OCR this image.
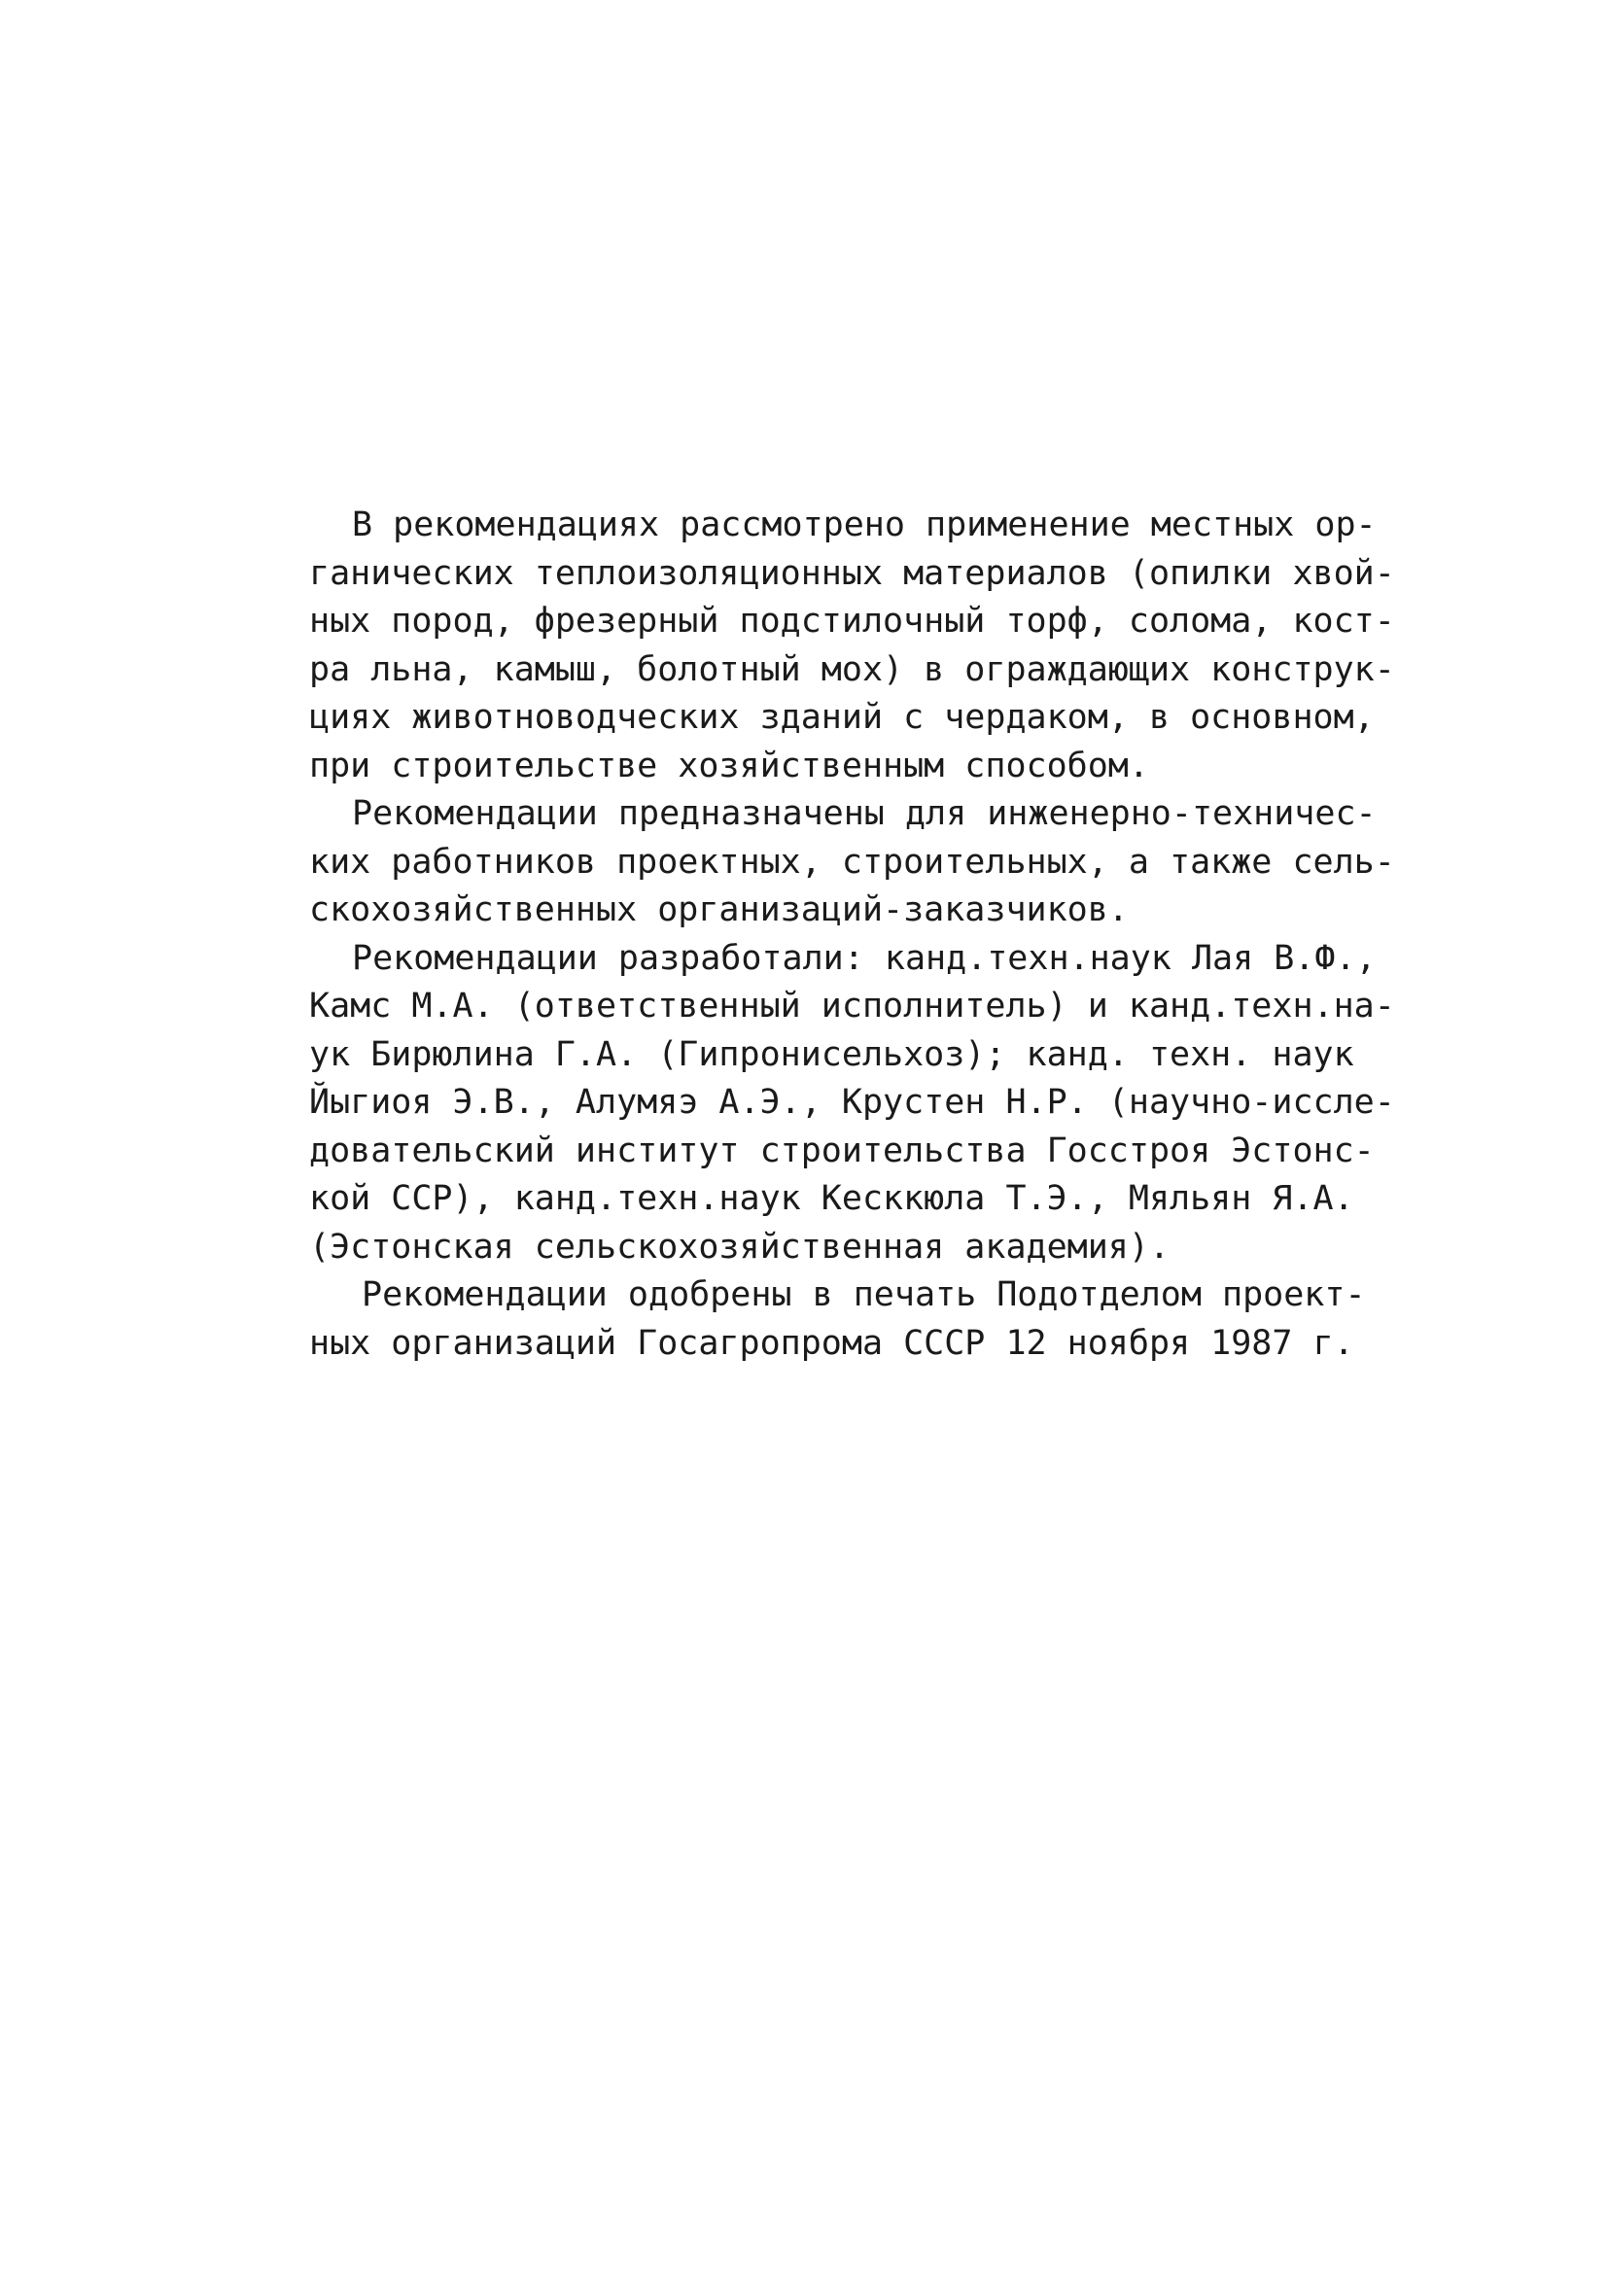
В рекомендациях рассмотрено применение местных ор-
ганических теплоизоляционных материалов (опилки хвой-
ных пород, фрезерный подстилочный торф, солома, кост-
ра льна, камыш, болотный мох) в ограждающих конструк-
циях животноводческих зданий с чердаком, в основном,
при строительстве хозяйственным способом.
Рекомендации предназначены для инженерно-техничес-
ких работников проектных, строительных, а также сель-
скохозяйственных организаций-заказчиков.
Рекомендации разработали: канд.техн.наук Лая В.Ф.,
Камс М.А. (ответственный исполнитель) и канд.техн.на-
ук Бирюлина Г.А. (Гипронисельхоз); канд. техн. наук
Йыгиоя Э.В., Алумяэ А.Э., Крустен Н.Р. (научно-иссле-
довательский институт строительства Госстроя Эстонс-
кой ССР), канд.техн.наук Кесккюла Т.Э., Мяльян Я.А.
(Эстонская сельскохозяйственная академия).
Рекомендации одобрены в печать Подотделом проект-
ных организаций Госагропрома СССР 12 ноября 1987 г.
